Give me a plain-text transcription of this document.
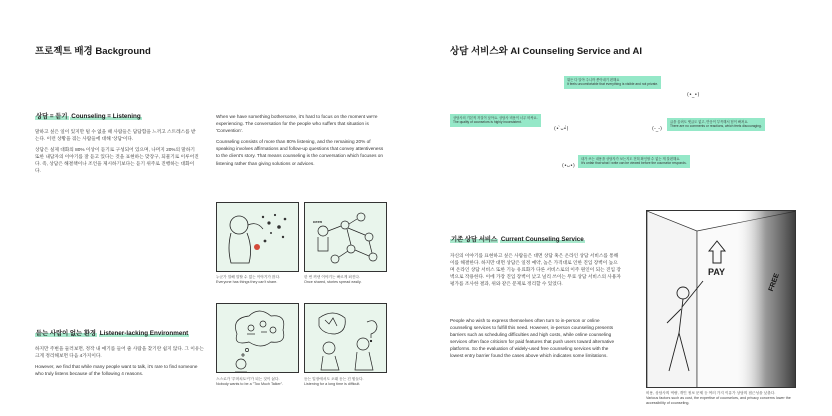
프로젝트 배경 Background
상담 = 듣기 Counseling = Listening

말하고 싶은 일이 있지만 털 수 없을 때 사람들은 답답함을 느끼고 스트레스를 받는다. 이런 상황을 겪는 사람들에 대해 '상담'이다.

상담은 실제 대화의 80% 이상이 듣기로 구성되어 있으며, 나머지 20%의 말하기 또한 내담자의 이야기를 잘 듣고 있다는 것을 표현하는 맞장구, 되물기로 이루어진다. 즉, 상담은 해결책이나 조언을 제시하기보다는 듣기 위주로 진행하는 대화이다.

When we have something bothersome, it's hard to focus on the moment we're experiencing. The conversation for the people who suffers that situation is 'Convention'.

Counseling consists of more than 80% listening, and the remaining 20% of speaking involves affirmations and follow-up questions that convey attentiveness to the client's story. That means counseling is the conversation which focuses on listening rather than giving solutions or advices.

누군가 말해 말할 수 없는 이야기가 많다.
Everyone has things they can't share.
ceen
한 번 꺼낸 이야기는 빠르게 퍼진다.
Once shared, stories spread easily.
스스로가 '투머치토커'가 되는 것이 싫다.
Nobody wants to be a "Too Much Talker".
듣는 입장에서도 오래 듣는 건 힘들다.
Listening for a long time is difficult.
듣는 사람이 없는 환경 Listener-lacking Environment

하지만 주변을 둘러보면, 정작 내 얘기를 들어 줄 사람을 찾기란 쉽지 않다. 그 이유는 크게 정리해보면 다음 4가지이다.

However, we find that while many people want to talk, it's rare to find someone who truly listens because of the following 4 reasons.

상담 서비스와 AI Counseling Service and AI
뭐든 다 알아 주니까 쏟아내기 편해요
It feels uncomfortable that everything is visible and not private.
(•_•)
상담사의 기본적 자질이 낮아요. 상담사 비용이 너무 비싸요.
The quality of counselors is highly inconsistent.
(• ̀ᴗ•́)
글을 올려도 댓글도 없고, 반응이 부족해서 힘이 빠져요.
There are no comments or reactions, which feels discouraging.
(-_-)
내가 쓰는 내용을 상담자가 보는지도 전혀 확인할 수 없는 게 불편해요.
It's unfair that what I write can be viewed before the counselor responds.
(•ᴗ•)
기존 상담 서비스 Current Counseling Service

자신의 이야기를 표현하고 싶은 사람들은 대면 상담 혹은 온라인 상담 서비스를 통해 이를 해결한다. 하지만 대면 상담은 일정 예약, 높은 가격대로 인한 진입 장벽이 높으며 온라인 상담 서비스 또한 기능 유료화가 다른 서비스로의 이주 원인이 되는 진입 장벽으로 작용한다. 이에 가장 진입 장벽이 낮고 널리 쓰이는 무료 상담 서비스의 사용자 평가를 조사한 결과, 위와 같은 문제로 정리할 수 있었다.

People who wish to express themselves often turn to in-person or online counseling services to fulfill this need. However, in-person counseling presents barriers such as scheduling difficulties and high costs, while online counseling services often face criticism for paid features that push users toward alternative platforms. So the evaluation of widely-used free counseling services with the lowest entry barrier found the cases above which indicates some limitations.

PAY
FREE
비용, 상담사의 역량, 개인 정보 문제 등 여러 가지 이유가 상담의 접근성을 낮춘다.
Various factors such as cost, the expertise of counselors, and privacy concerns lower the accessibility of counseling.
